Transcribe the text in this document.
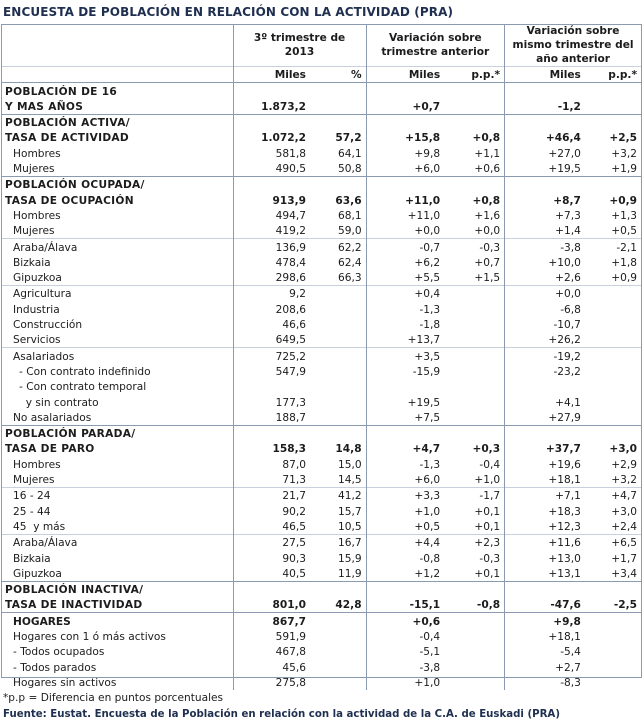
ENCUESTA DE POBLACIÓN EN RELACIÓN CON LA ACTIVIDAD (PRA)
	3º trimestre de 2013		Variación sobre trimestre anterior		Variación sobre mismo trimestre del año anterior	
	Miles	%	Miles	p.p.*	Miles	p.p.*
POBLACIÓN DE 16						
Y MAS AÑOS	1.873,2		+0,7		-1,2	
POBLACIÓN ACTIVA/						
TASA DE ACTIVIDAD	1.072,2	57,2	+15,8	+0,8	+46,4	+2,5
Hombres	581,8	64,1	+9,8	+1,1	+27,0	+3,2
Mujeres	490,5	50,8	+6,0	+0,6	+19,5	+1,9
POBLACIÓN OCUPADA/						
TASA DE OCUPACIÓN	913,9	63,6	+11,0	+0,8	+8,7	+0,9
Hombres	494,7	68,1	+11,0	+1,6	+7,3	+1,3
Mujeres	419,2	59,0	+0,0	+0,0	+1,4	+0,5
Araba/Álava	136,9	62,2	-0,7	-0,3	-3,8	-2,1
Bizkaia	478,4	62,4	+6,2	+0,7	+10,0	+1,8
Gipuzkoa	298,6	66,3	+5,5	+1,5	+2,6	+0,9
Agricultura	9,2		+0,4		+0,0	
Industria	208,6		-1,3		-6,8	
Construcción	46,6		-1,8		-10,7	
Servicios	649,5		+13,7		+26,2	
Asalariados	725,2		+3,5		-19,2	
- Con contrato indefinido	547,9		-15,9		-23,2	
- Con contrato temporal						
y sin contrato	177,3		+19,5		+4,1	
No asalariados	188,7		+7,5		+27,9	
POBLACIÓN PARADA/						
TASA DE PARO	158,3	14,8	+4,7	+0,3	+37,7	+3,0
Hombres	87,0	15,0	-1,3	-0,4	+19,6	+2,9
Mujeres	71,3	14,5	+6,0	+1,0	+18,1	+3,2
16 - 24	21,7	41,2	+3,3	-1,7	+7,1	+4,7
25 - 44	90,2	15,7	+1,0	+0,1	+18,3	+3,0
45  y más	46,5	10,5	+0,5	+0,1	+12,3	+2,4
Araba/Álava	27,5	16,7	+4,4	+2,3	+11,6	+6,5
Bizkaia	90,3	15,9	-0,8	-0,3	+13,0	+1,7
Gipuzkoa	40,5	11,9	+1,2	+0,1	+13,1	+3,4
POBLACIÓN INACTIVA/						
TASA DE INACTIVIDAD	801,0	42,8	-15,1	-0,8	-47,6	-2,5
HOGARES	867,7		+0,6		+9,8	
Hogares con 1 ó más activos	591,9		-0,4		+18,1	
- Todos ocupados	467,8		-5,1		-5,4	
- Todos parados	45,6		-3,8		+2,7	
Hogares sin activos	275,8		+1,0		-8,3	
*p.p = Diferencia en puntos porcentuales
Fuente: Eustat. Encuesta de la Población en relación con la actividad de la C.A. de Euskadi (PRA)
